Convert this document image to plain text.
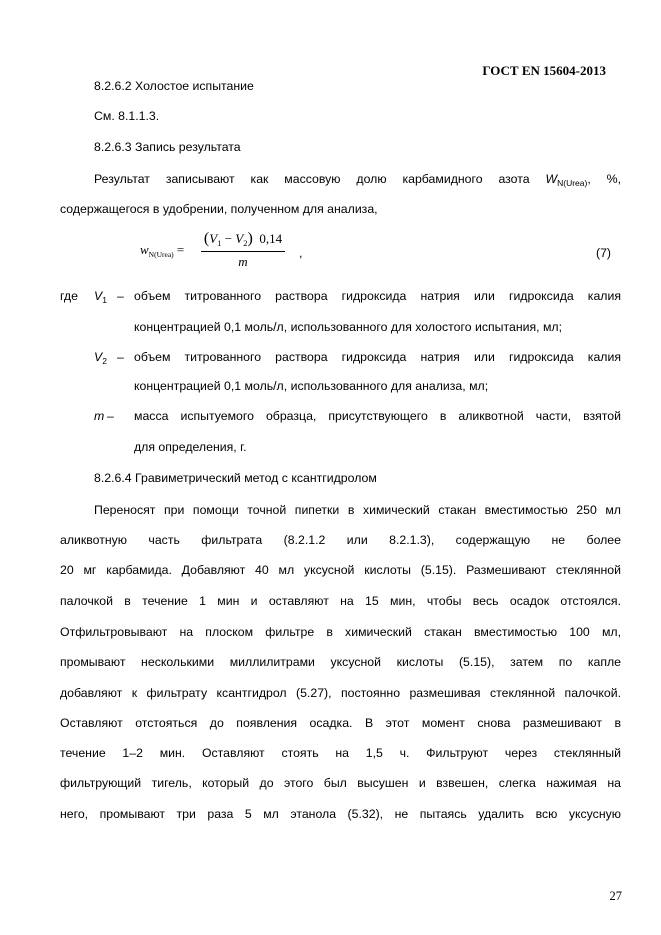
ГОСТ EN 15604-2013
8.2.6.2 Холостое испытание
См. 8.1.1.3.
8.2.6.3 Запись результата
Результат записывают как массовую долю карбамидного азота $W_{N(Urea)}$, %,
содержащегося в удобрении, полученном для анализа,
$w_{N(Urea)}$ =
$(V_1 - V_2)$ 0,14
m
,	(7)
где $V_1$ – объем титрованного раствора гидроксида натрия или гидроксида калия
концентрацией 0,1 моль/л, использованного для холостого испытания, мл;
$V_2$ – объем титрованного раствора гидроксида натрия или гидроксида калия
концентрацией 0,1 моль/л, использованного для анализа, мл;
m – масса испытуемого образца, присутствующего в аликвотной части, взятой
для определения, г.
8.2.6.4 Гравиметрический метод с ксантгидролом
Переносят при помощи точной пипетки в химический стакан вместимостью 250 мл
аликвотную часть фильтрата (8.2.1.2 или 8.2.1.3), содержащую не более
20 мг карбамида. Добавляют 40 мл уксусной кислоты (5.15). Размешивают стеклянной
палочкой в течение 1 мин и оставляют на 15 мин, чтобы весь осадок отстоялся.
Отфильтровывают на плоском фильтре в химический стакан вместимостью 100 мл,
промывают несколькими миллилитрами уксусной кислоты (5.15), затем по капле
добавляют к фильтрату ксантгидрол (5.27), постоянно размешивая стеклянной палочкой.
Оставляют отстояться до появления осадка. В этот момент снова размешивают в
течение 1–2 мин. Оставляют стоять на 1,5 ч. Фильтруют через стеклянный
фильтрующий тигель, который до этого был высушен и взвешен, слегка нажимая на
него, промывают три раза 5 мл этанола (5.32), не пытаясь удалить всю уксусную
27
